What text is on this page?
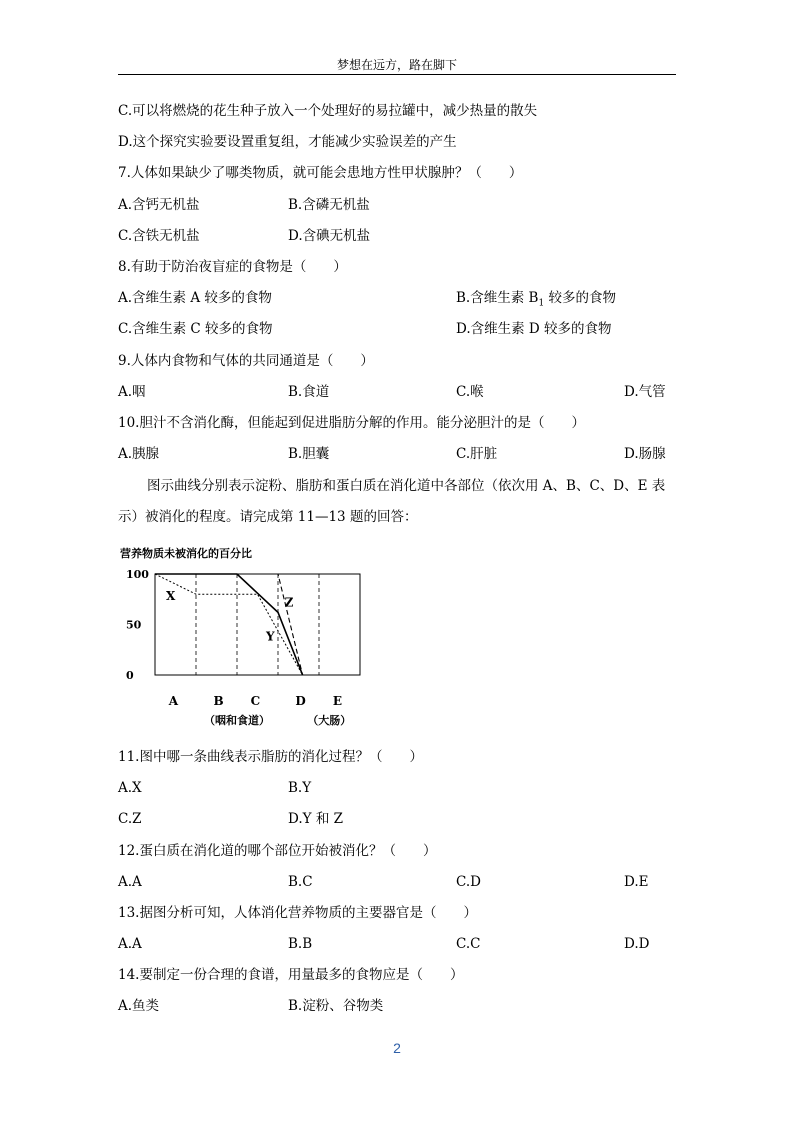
梦想在远方，路在脚下
C.可以将燃烧的花生种子放入一个处理好的易拉罐中，减少热量的散失
D.这个探究实验要设置重复组，才能减少实验误差的产生
7.人体如果缺少了哪类物质，就可能会患地方性甲状腺肿？（　　）
A.含钙无机盐	B.含磷无机盐
C.含铁无机盐	D.含碘无机盐
8.有助于防治夜盲症的食物是（　　）
A.含维生素 A 较多的食物	B.含维生素 $B_1$ 较多的食物
C.含维生素 C 较多的食物	D.含维生素 D 较多的食物
9.人体内食物和气体的共同通道是（　　）
A.咽	B.食道	C.喉	D.气管
10.胆汁不含消化酶，但能起到促进脂肪分解的作用。能分泌胆汁的是（　　）
A.胰腺	B.胆囊	C.肝脏	D.肠腺
图示曲线分别表示淀粉、脂肪和蛋白质在消化道中各部位（依次用 A、B、C、D、E 表示）被消化的程度。请完成第 11—13 题的回答：
营养物质未被消化的百分比
100
50
0
X
Y
Z
A	B C	D E
（咽和食道）	（大肠）
11.图中哪一条曲线表示脂肪的消化过程？（　　）
A.X	B.Y
C.Z	D.Y 和 Z
12.蛋白质在消化道的哪个部位开始被消化？（　　）
A.A	B.C	C.D	D.E
13.据图分析可知，人体消化营养物质的主要器官是（　　）
A.A	B.B	C.C	D.D
14.要制定一份合理的食谱，用量最多的食物应是（　　）
A.鱼类	B.淀粉、谷物类
2
